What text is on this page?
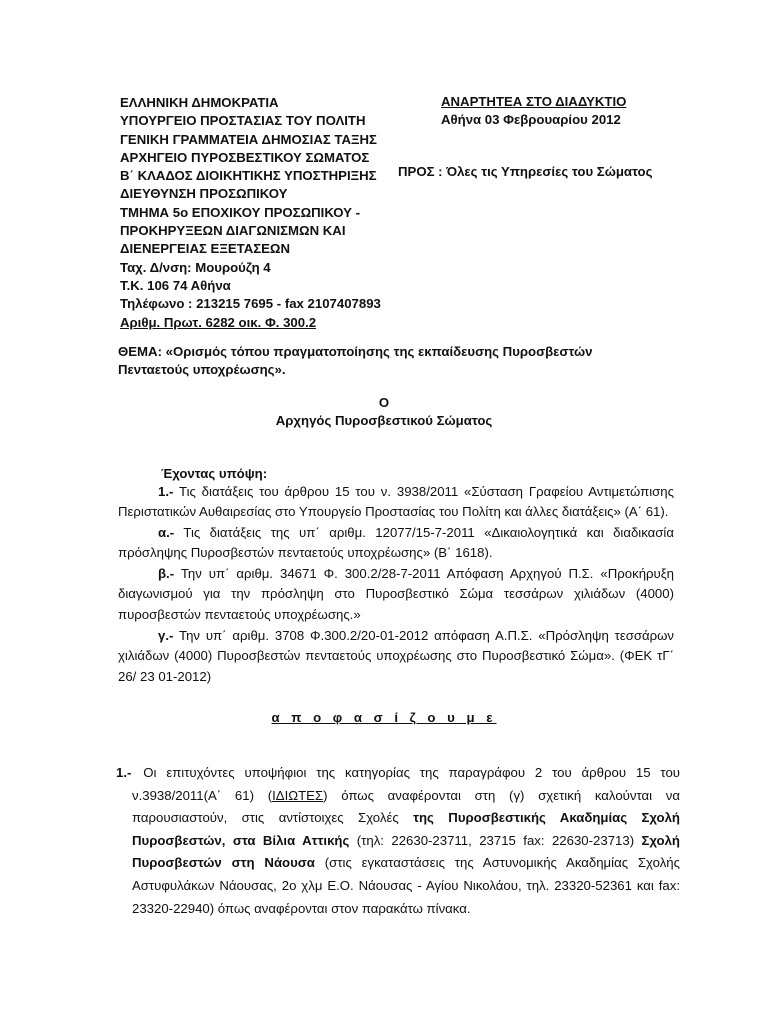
ΕΛΛΗΝΙΚΗ ΔΗΜΟΚΡΑΤΙΑ
ΥΠΟΥΡΓΕΙΟ ΠΡΟΣΤΑΣΙΑΣ ΤΟΥ ΠΟΛΙΤΗ
ΓΕΝΙΚΗ ΓΡΑΜΜΑΤΕΙΑ ΔΗΜΟΣΙΑΣ ΤΑΞΗΣ
ΑΡΧΗΓΕΙΟ ΠΥΡΟΣΒΕΣΤΙΚΟΥ ΣΩΜΑΤΟΣ
Β΄ ΚΛΑΔΟΣ ΔΙΟΙΚΗΤΙΚΗΣ ΥΠΟΣΤΗΡΙΞΗΣ
ΔΙΕΥΘΥΝΣΗ ΠΡΟΣΩΠΙΚΟΥ
ΤΜΗΜΑ 5ο ΕΠΟΧΙΚΟΥ ΠΡΟΣΩΠΙΚΟΥ -
ΠΡΟΚΗΡΥΞΕΩΝ ΔΙΑΓΩΝΙΣΜΩΝ ΚΑΙ
ΔΙΕΝΕΡΓΕΙΑΣ ΕΞΕΤΑΣΕΩΝ
Ταχ. Δ/νση: Μουρούζη 4
Τ.Κ. 106 74 Αθήνα
Τηλέφωνο : 213215 7695 - fax 2107407893
Αριθμ. Πρωτ. 6282 οικ. Φ. 300.2
ΑΝΑΡΤΗΤΕΑ ΣΤΟ ΔΙΑΔΥΚΤΙΟ
Αθήνα 03 Φεβρουαρίου 2012
ΠΡΟΣ : Όλες τις Υπηρεσίες του Σώματος
ΘΕΜΑ: «Ορισμός τόπου πραγματοποίησης της εκπαίδευσης Πυροσβεστών Πενταετούς υποχρέωσης».
Ο
Αρχηγός Πυροσβεστικού Σώματος
Έχοντας υπόψη:
1.- Τις διατάξεις του άρθρου 15 του ν. 3938/2011 «Σύσταση Γραφείου Αντιμετώπισης Περιστατικών Αυθαιρεσίας στο Υπουργείο Προστασίας του Πολίτη και άλλες διατάξεις» (Α΄ 61).
α.- Τις διατάξεις της υπ΄ αριθμ. 12077/15-7-2011 «Δικαιολογητικά και διαδικασία πρόσληψης Πυροσβεστών πενταετούς υποχρέωσης» (Β΄ 1618).
β.- Την υπ΄ αριθμ. 34671 Φ. 300.2/28-7-2011 Απόφαση Αρχηγού Π.Σ. «Προκήρυξη διαγωνισμού για την πρόσληψη στο Πυροσβεστικό Σώμα τεσσάρων χιλιάδων (4000) πυροσβεστών πενταετούς υποχρέωσης.»
γ.- Την υπ΄ αριθμ. 3708 Φ.300.2/20-01-2012 απόφαση Α.Π.Σ. «Πρόσληψη τεσσάρων χιλιάδων (4000) Πυροσβεστών πενταετούς υποχρέωσης στο Πυροσβεστικό Σώμα». (ΦΕΚ τΓ΄ 26/ 23 01-2012)
α π ο φ α σ ί ζ ο υ μ ε
1.- Οι επιτυχόντες υποψήφιοι της κατηγορίας της παραγράφου 2 του άρθρου 15 του ν.3938/2011(Α΄ 61) (ΙΔΙΩΤΕΣ) όπως αναφέρονται στη (γ) σχετική καλούνται να παρουσιαστούν, στις αντίστοιχες Σχολές της Πυροσβεστικής Ακαδημίας Σχολή Πυροσβεστών, στα Βίλια Αττικής (τηλ: 22630-23711, 23715 fax: 22630-23713) Σχολή Πυροσβεστών στη Νάουσα (στις εγκαταστάσεις της Αστυνομικής Ακαδημίας Σχολής Αστυφυλάκων Νάουσας, 2ο χλμ Ε.Ο. Νάουσας - Αγίου Νικολάου, τηλ. 23320-52361 και fax: 23320-22940) όπως αναφέρονται στον παρακάτω πίνακα.
